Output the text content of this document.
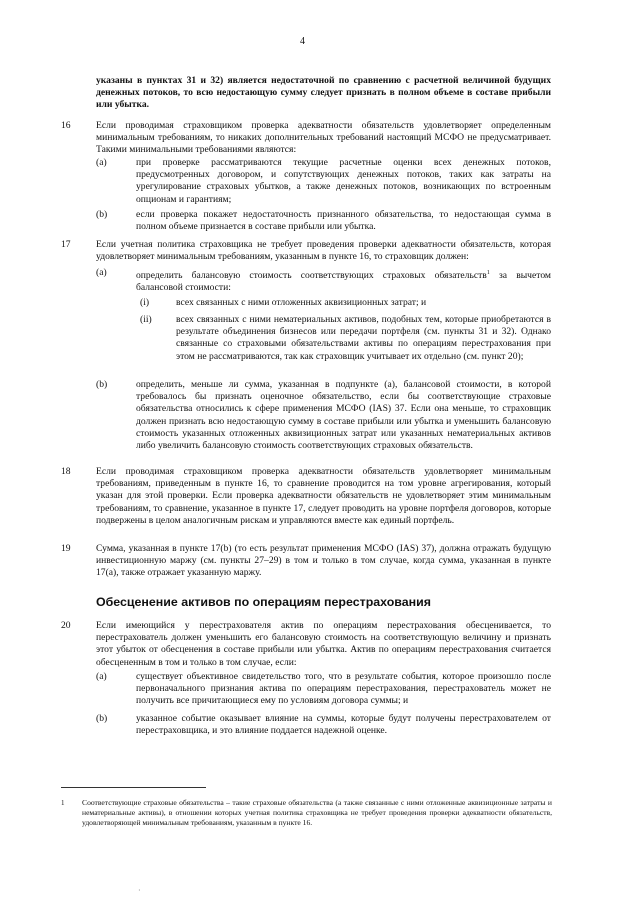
4

указаны в пунктах 31 и 32) является недостаточной по сравнению с расчетной величиной будущих денежных потоков, то всю недостающую сумму следует признать в полном объеме в составе прибыли или убытка.

16	Если проводимая страховщиком проверка адекватности обязательств удовлетворяет определенным минимальным требованиям, то никаких дополнительных требований настоящий МСФО не предусматривает. Такими минимальными требованиями являются:

(a)	при проверке рассматриваются текущие расчетные оценки всех денежных потоков, предусмотренных договором, и сопутствующих денежных потоков, таких как затраты на урегулирование страховых убытков, а также денежных потоков, возникающих по встроенным опционам и гарантиям;

(b)	если проверка покажет недостаточность признанного обязательства, то недостающая сумма в полном объеме признается в составе прибыли или убытка.

17	Если учетная политика страховщика не требует проведения проверки адекватности обязательств, которая удовлетворяет минимальным требованиям, указанным в пункте 16, то страховщик должен:

(a)	определить балансовую стоимость соответствующих страховых обязательств$^1$ за вычетом балансовой стоимости:

(i)	всех связанных с ними отложенных аквизиционных затрат; и

(ii)	всех связанных с ними нематериальных активов, подобных тем, которые приобретаются в результате объединения бизнесов или передачи портфеля (см. пункты 31 и 32). Однако связанные со страховыми обязательствами активы по операциям перестрахования при этом не рассматриваются, так как страховщик учитывает их отдельно (см. пункт 20);

(b)	определить, меньше ли сумма, указанная в подпункте (a), балансовой стоимости, в которой требовалось бы признать оценочное обязательство, если бы соответствующие страховые обязательства относились к сфере применения МСФО (IAS) 37. Если она меньше, то страховщик должен признать всю недостающую сумму в составе прибыли или убытка и уменьшить балансовую стоимость указанных отложенных аквизиционных затрат или указанных нематериальных активов либо увеличить балансовую стоимость соответствующих страховых обязательств.

18	Если проводимая страховщиком проверка адекватности обязательств удовлетворяет минимальным требованиям, приведенным в пункте 16, то сравнение проводится на том уровне агрегирования, который указан для этой проверки. Если проверка адекватности обязательств не удовлетворяет этим минимальным требованиям, то сравнение, указанное в пункте 17, следует проводить на уровне портфеля договоров, которые подвержены в целом аналогичным рискам и управляются вместе как единый портфель.

19	Сумма, указанная в пункте 17(b) (то есть результат применения МСФО (IAS) 37), должна отражать будущую инвестиционную маржу (см. пункты 27–29) в том и только в том случае, когда сумма, указанная в пункте 17(a), также отражает указанную маржу.

Обесценение активов по операциям перестрахования
20	Если имеющийся у перестрахователя актив по операциям перестрахования обесценивается, то перестрахователь должен уменьшить его балансовую стоимость на соответствующую величину и признать этот убыток от обесценения в составе прибыли или убытка. Актив по операциям перестрахования считается обесцененным в том и только в том случае, если:

(a)	существует объективное свидетельство того, что в результате события, которое произошло после первоначального признания актива по операциям перестрахования, перестрахователь может не получить все причитающиеся ему по условиям договора суммы; и

(b)	указанное событие оказывает влияние на суммы, которые будут получены перестрахователем от перестраховщика, и это влияние поддается надежной оценке.

1 Соответствующие страховые обязательства – такие страховые обязательства (а также связанные с ними отложенные аквизиционные затраты и нематериальные активы), в отношении которых учетная политика страховщика не требует проведения проверки адекватности обязательств, удовлетворяющей минимальным требованиям, указанным в пункте 16.

·
